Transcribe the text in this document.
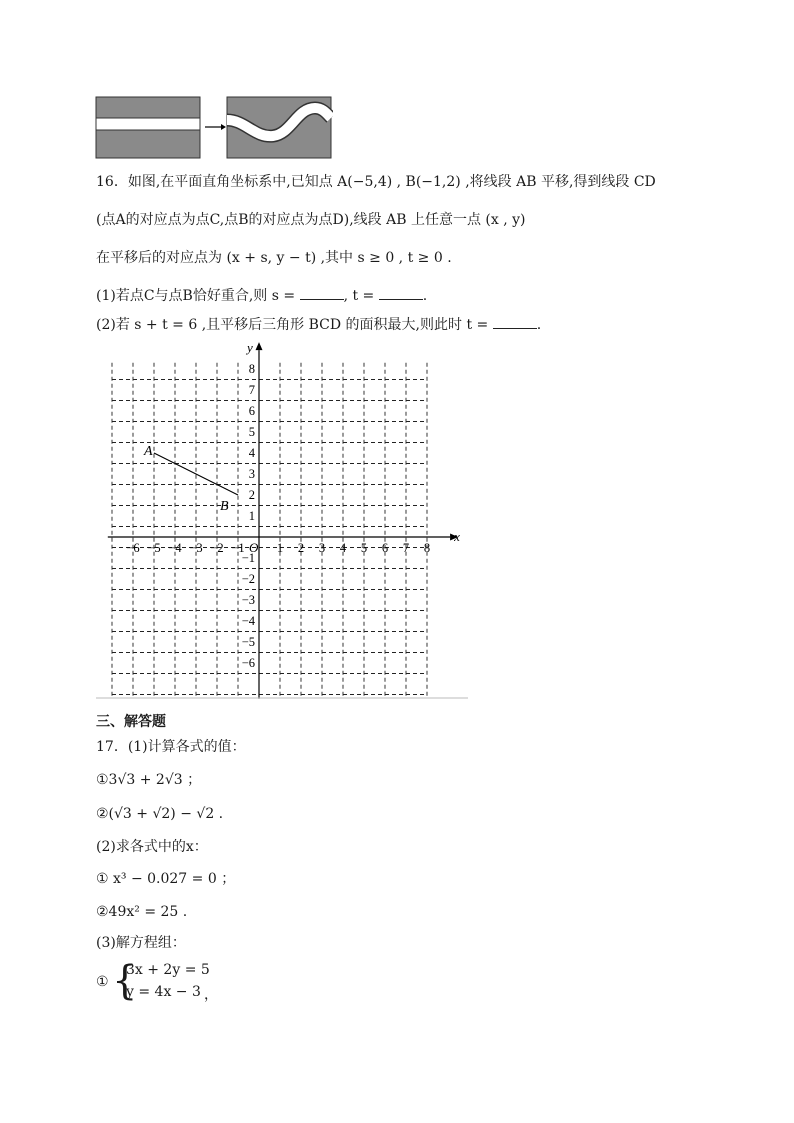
16．如图,在平面直角坐标系中,已知点 A(−5,4) , B(−1,2) ,将线段 AB 平移,得到线段 CD
(点A的对应点为点C,点B的对应点为点D),线段 AB 上任意一点 (x , y)
在平移后的对应点为 (x + s, y − t) ,其中 s ≥ 0 , t ≥ 0 .
(1)若点C与点B恰好重合,则 s =	, t =	.
(2)若 s + t = 6 ,且平移后三角形 BCD 的面积最大,则此时 t =	.
x
y
O
−6 −5 −4 −3 −2 −1	1 2 3 4 5 6 7 8
8
7
6
5
4
3
2
1
−1
−2
−3
−4
−5
−6
A
B
三、解答题
17．(1)计算各式的值：
①3√3 + 2√3 ；
②(√3 + √2) − √2 .
(2)求各式中的x：
① x³ − 0.027 = 0 ；
②49x² = 25 .
(3)解方程组：
① {
3x + 2y = 5
y = 4x − 3 ，
